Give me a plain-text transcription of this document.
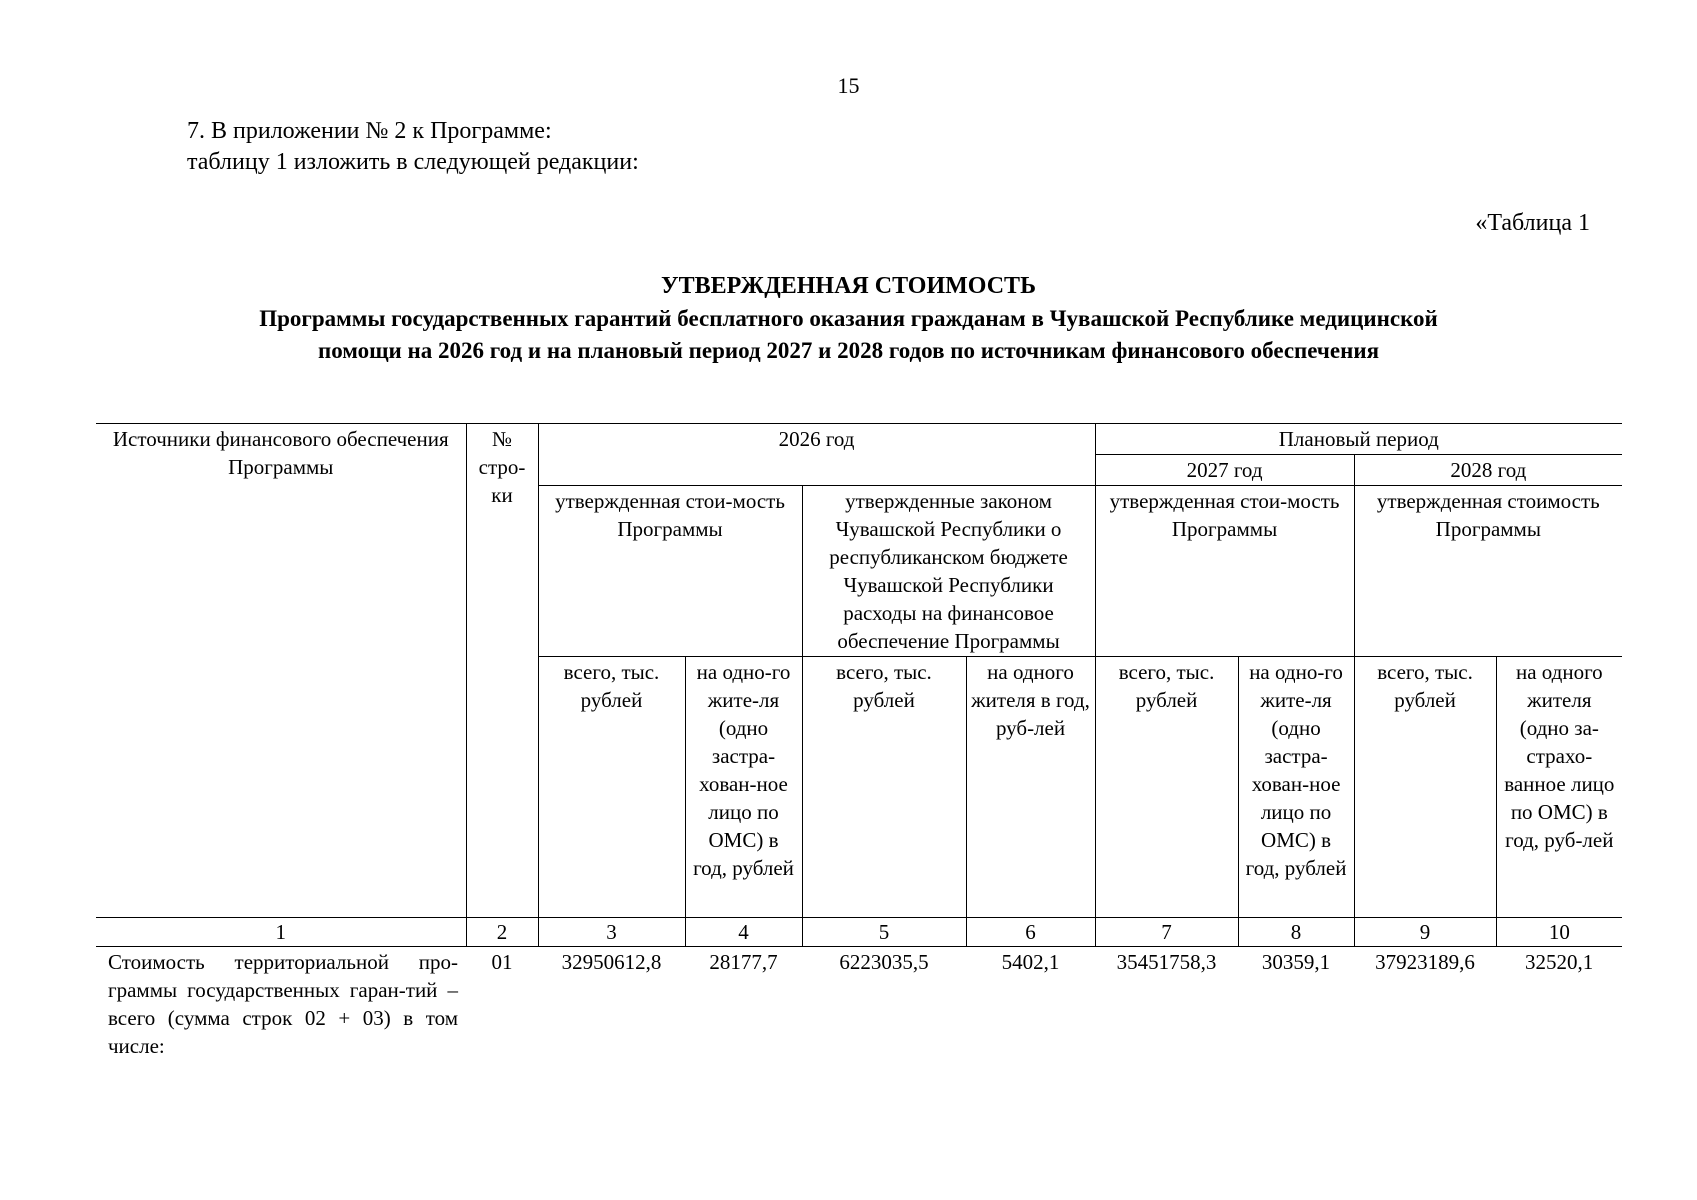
15
7. В приложении № 2 к Программе:
таблицу 1 изложить в следующей редакции:
«Таблица 1
УТВЕРЖДЕННАЯ СТОИМОСТЬ
Программы государственных гарантий бесплатного оказания гражданам в Чувашской Республике медицинской
помощи на 2026 год и на плановый период 2027 и 2028 годов по источникам финансового обеспечения
Источники финансового обеспечения Программы	№ стро-ки	2026 год				Плановый период			
						2027 год		2028 год	
		утвержденная стои-мость Программы		утвержденные законом Чувашской Республики о республиканском бюджете Чувашской Республики расходы на финансовое обеспечение Программы		утвержденная стои-мость Программы		утвержденная стоимость Программы	
		всего, тыс. рублей	на одно-го жите-ля (одно застра-хован-ное лицо по ОМС) в год, рублей	всего, тыс. рублей	на одного жителя в год, руб-лей	всего, тыс. рублей	на одно-го жите-ля (одно застра-хован-ное лицо по ОМС) в год, рублей	всего, тыс. рублей	на одного жителя (одно за-страхо-ванное лицо по ОМС) в год, руб-лей
1	2	3	4	5	6	7	8	9	10
Стоимость территориальной про-граммы государственных гаран-тий – всего (сумма строк 02 + 03) в том числе:	01	32950612,8	28177,7	6223035,5	5402,1	35451758,3	30359,1	37923189,6	32520,1
